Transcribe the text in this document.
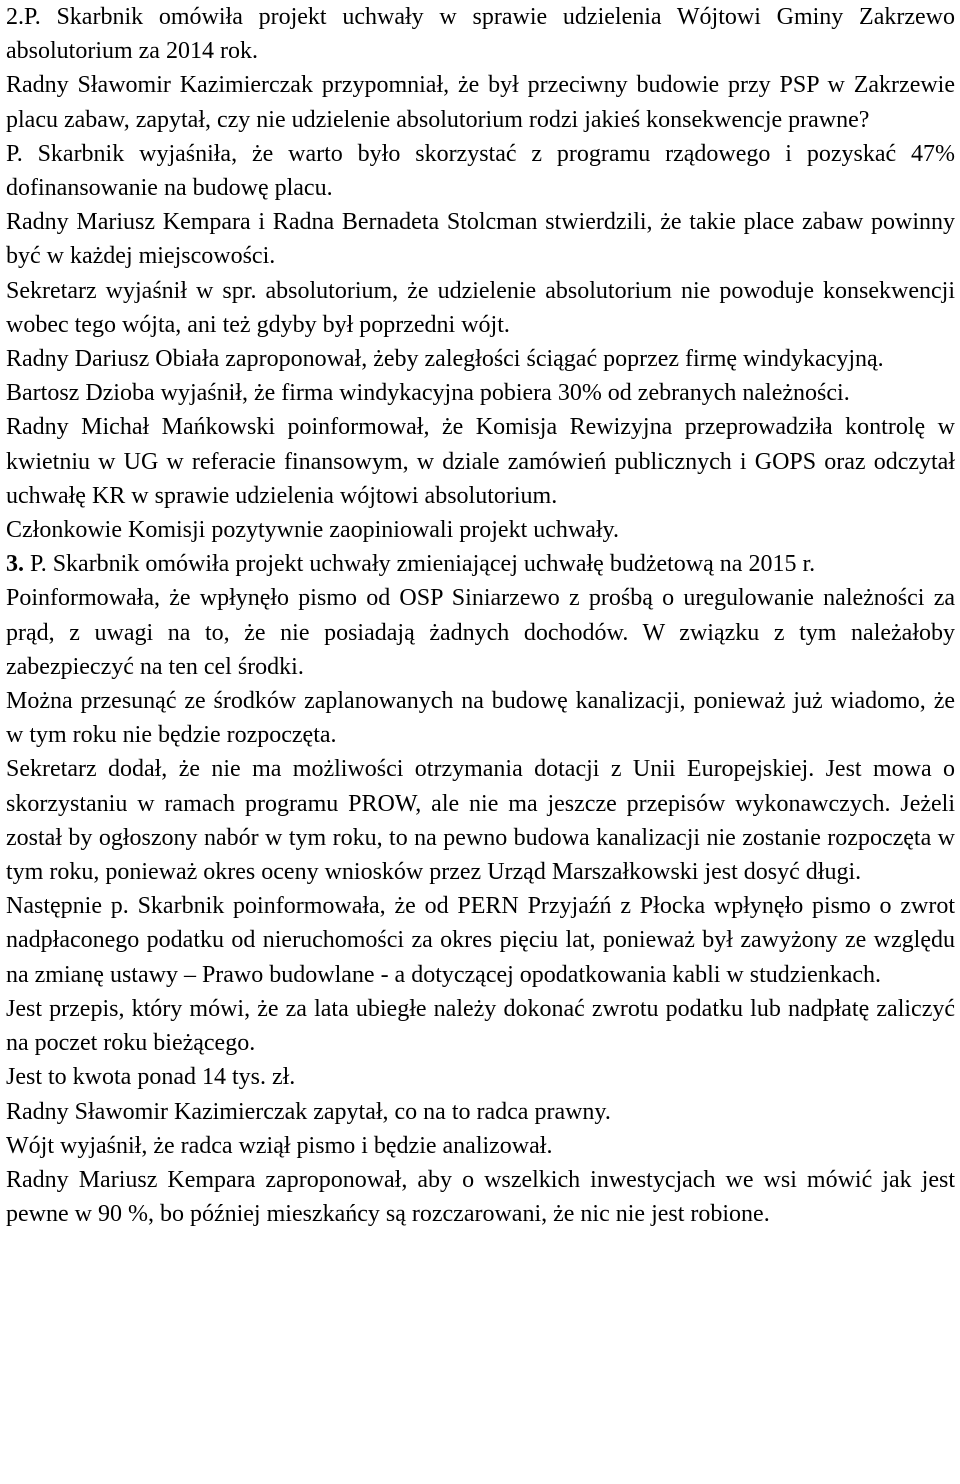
2.P. Skarbnik omówiła projekt uchwały w sprawie udzielenia Wójtowi Gminy Zakrzewo absolutorium za 2014 rok.

Radny Sławomir Kazimierczak przypomniał, że był przeciwny budowie przy PSP w Zakrzewie placu zabaw, zapytał, czy nie udzielenie absolutorium rodzi jakieś konsekwencje prawne?

P. Skarbnik wyjaśniła, że warto było skorzystać z programu rządowego i pozyskać 47% dofinansowanie na budowę placu.

Radny Mariusz Kempara i Radna Bernadeta Stolcman stwierdzili, że takie place zabaw powinny być w każdej miejscowości.

Sekretarz wyjaśnił w spr. absolutorium, że udzielenie absolutorium nie powoduje konsekwencji wobec tego wójta, ani też gdyby był poprzedni wójt.

Radny Dariusz Obiała zaproponował, żeby zaległości ściągać poprzez firmę windykacyjną.

Bartosz Dzioba wyjaśnił, że firma windykacyjna pobiera 30% od zebranych należności.

Radny Michał Mańkowski poinformował, że Komisja Rewizyjna przeprowadziła kontrolę w kwietniu w UG w referacie finansowym, w dziale zamówień publicznych i GOPS oraz odczytał uchwałę KR w sprawie udzielenia wójtowi absolutorium.

Członkowie Komisji pozytywnie zaopiniowali projekt uchwały.

3. P. Skarbnik omówiła projekt uchwały zmieniającej uchwałę budżetową na 2015 r.

Poinformowała, że wpłynęło pismo od OSP Siniarzewo z prośbą o uregulowanie należności za prąd, z uwagi na to, że nie posiadają żadnych dochodów. W związku z tym należałoby zabezpieczyć na ten cel środki.

Można przesunąć ze środków zaplanowanych na budowę kanalizacji, ponieważ już wiadomo, że w tym roku nie będzie rozpoczęta.

Sekretarz dodał, że nie ma możliwości otrzymania dotacji z Unii Europejskiej. Jest mowa o skorzystaniu w ramach programu PROW, ale nie ma jeszcze przepisów wykonawczych. Jeżeli został by ogłoszony nabór w tym roku, to na pewno budowa kanalizacji nie zostanie rozpoczęta w tym roku, ponieważ okres oceny wniosków przez Urząd Marszałkowski jest dosyć długi.

Następnie p. Skarbnik poinformowała, że od PERN Przyjaźń z Płocka wpłynęło pismo o zwrot nadpłaconego podatku od nieruchomości za okres pięciu lat, ponieważ był zawyżony ze względu na zmianę ustawy – Prawo budowlane - a dotyczącej opodatkowania kabli w studzienkach.

Jest przepis, który mówi, że za lata ubiegłe należy dokonać zwrotu podatku lub nadpłatę zaliczyć na poczet roku bieżącego.

Jest to kwota ponad 14 tys. zł.

Radny Sławomir Kazimierczak zapytał, co na to radca prawny.

Wójt wyjaśnił, że radca wziął pismo i będzie analizował.

Radny Mariusz Kempara zaproponował, aby o wszelkich inwestycjach we wsi mówić jak jest pewne w 90 %, bo później mieszkańcy są rozczarowani, że nic nie jest robione.
